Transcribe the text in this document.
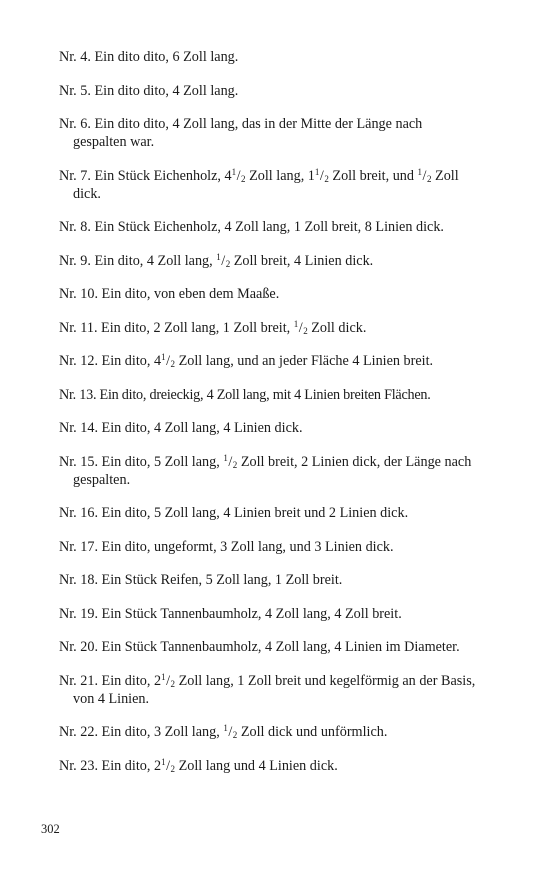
Nr. 4. Ein dito dito, 6 Zoll lang.
Nr. 5. Ein dito dito, 4 Zoll lang.
Nr. 6. Ein dito dito, 4 Zoll lang, das in der Mitte der Länge nach gespalten war.
Nr. 7. Ein Stück Eichenholz, $4^1/_2$ Zoll lang, $1^1/_2$ Zoll breit, und $^1/_2$ Zoll dick.
Nr. 8. Ein Stück Eichenholz, 4 Zoll lang, 1 Zoll breit, 8 Linien dick.
Nr. 9. Ein dito, 4 Zoll lang, $^1/_2$ Zoll breit, 4 Linien dick.
Nr. 10. Ein dito, von eben dem Maaße.
Nr. 11. Ein dito, 2 Zoll lang, 1 Zoll breit, $^1/_2$ Zoll dick.
Nr. 12. Ein dito, $4^1/_2$ Zoll lang, und an jeder Fläche 4 Linien breit.
Nr. 13. Ein dito, dreieckig, 4 Zoll lang, mit 4 Linien breiten Flächen.
Nr. 14. Ein dito, 4 Zoll lang, 4 Linien dick.
Nr. 15. Ein dito, 5 Zoll lang, $^1/_2$ Zoll breit, 2 Linien dick, der Länge nach gespalten.
Nr. 16. Ein dito, 5 Zoll lang, 4 Linien breit und 2 Linien dick.
Nr. 17. Ein dito, ungeformt, 3 Zoll lang, und 3 Linien dick.
Nr. 18. Ein Stück Reifen, 5 Zoll lang, 1 Zoll breit.
Nr. 19. Ein Stück Tannenbaumholz, 4 Zoll lang, 4 Zoll breit.
Nr. 20. Ein Stück Tannenbaumholz, 4 Zoll lang, 4 Linien im Diameter.
Nr. 21. Ein dito, $2^1/_2$ Zoll lang, 1 Zoll breit und kegelförmig an der Basis, von 4 Linien.
Nr. 22. Ein dito, 3 Zoll lang, $^1/_2$ Zoll dick und unförmlich.
Nr. 23. Ein dito, $2^1/_2$ Zoll lang und 4 Linien dick.
302
